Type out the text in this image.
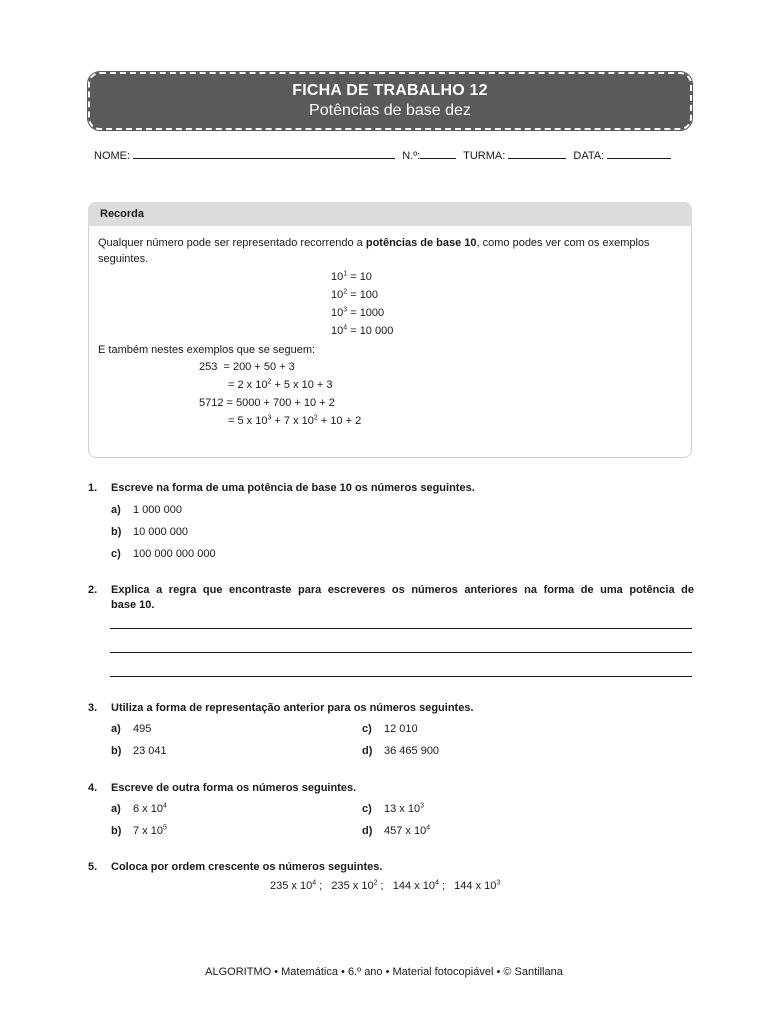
FICHA DE TRABALHO 12
Potências de base dez
NOME:	N.º:	TURMA:	DATA:
Recorda
Qualquer número pode ser representado recorrendo a potências de base 10, como podes ver com os exemplos
seguintes.
$10^1 = 10$
$10^2 = 100$
$10^3 = 1000$
$10^4 = 10$ 000
E também nestes exemplos que se seguem:
253  = 200 + 50 + 3
= 2 x $10^2 + 5$ x 10 + 3
5712 = 5000 + 700 + 10 + 2
= 5 x $10^3 + 7$ x $10^2 + 10 + 2$
1. Escreve na forma de uma potência de base 10 os números seguintes.
a) 1 000 000
b) 10 000 000
c) 100 000 000 000
2. Explica a regra que encontraste para escreveres os números anteriores na forma de uma potência de
base 10.
3. Utiliza a forma de representação anterior para os números seguintes.
a) 495
b) 23 041
c) 12 010
d) 36 465 900
4. Escreve de outra forma os números seguintes.
a) 6 x $10^4$
b) 7 x $10^5$
c) 13 x $10^3$
d) 457 x $10^4$
5. Coloca por ordem crescente os números seguintes.
235 x $10^4$ ;   235 x $10^2$ ;   144 x $10^4$ ;   144 x $10^3$
ALGORITMO • Matemática • 6.º ano • Material fotocopiável • © Santillana
